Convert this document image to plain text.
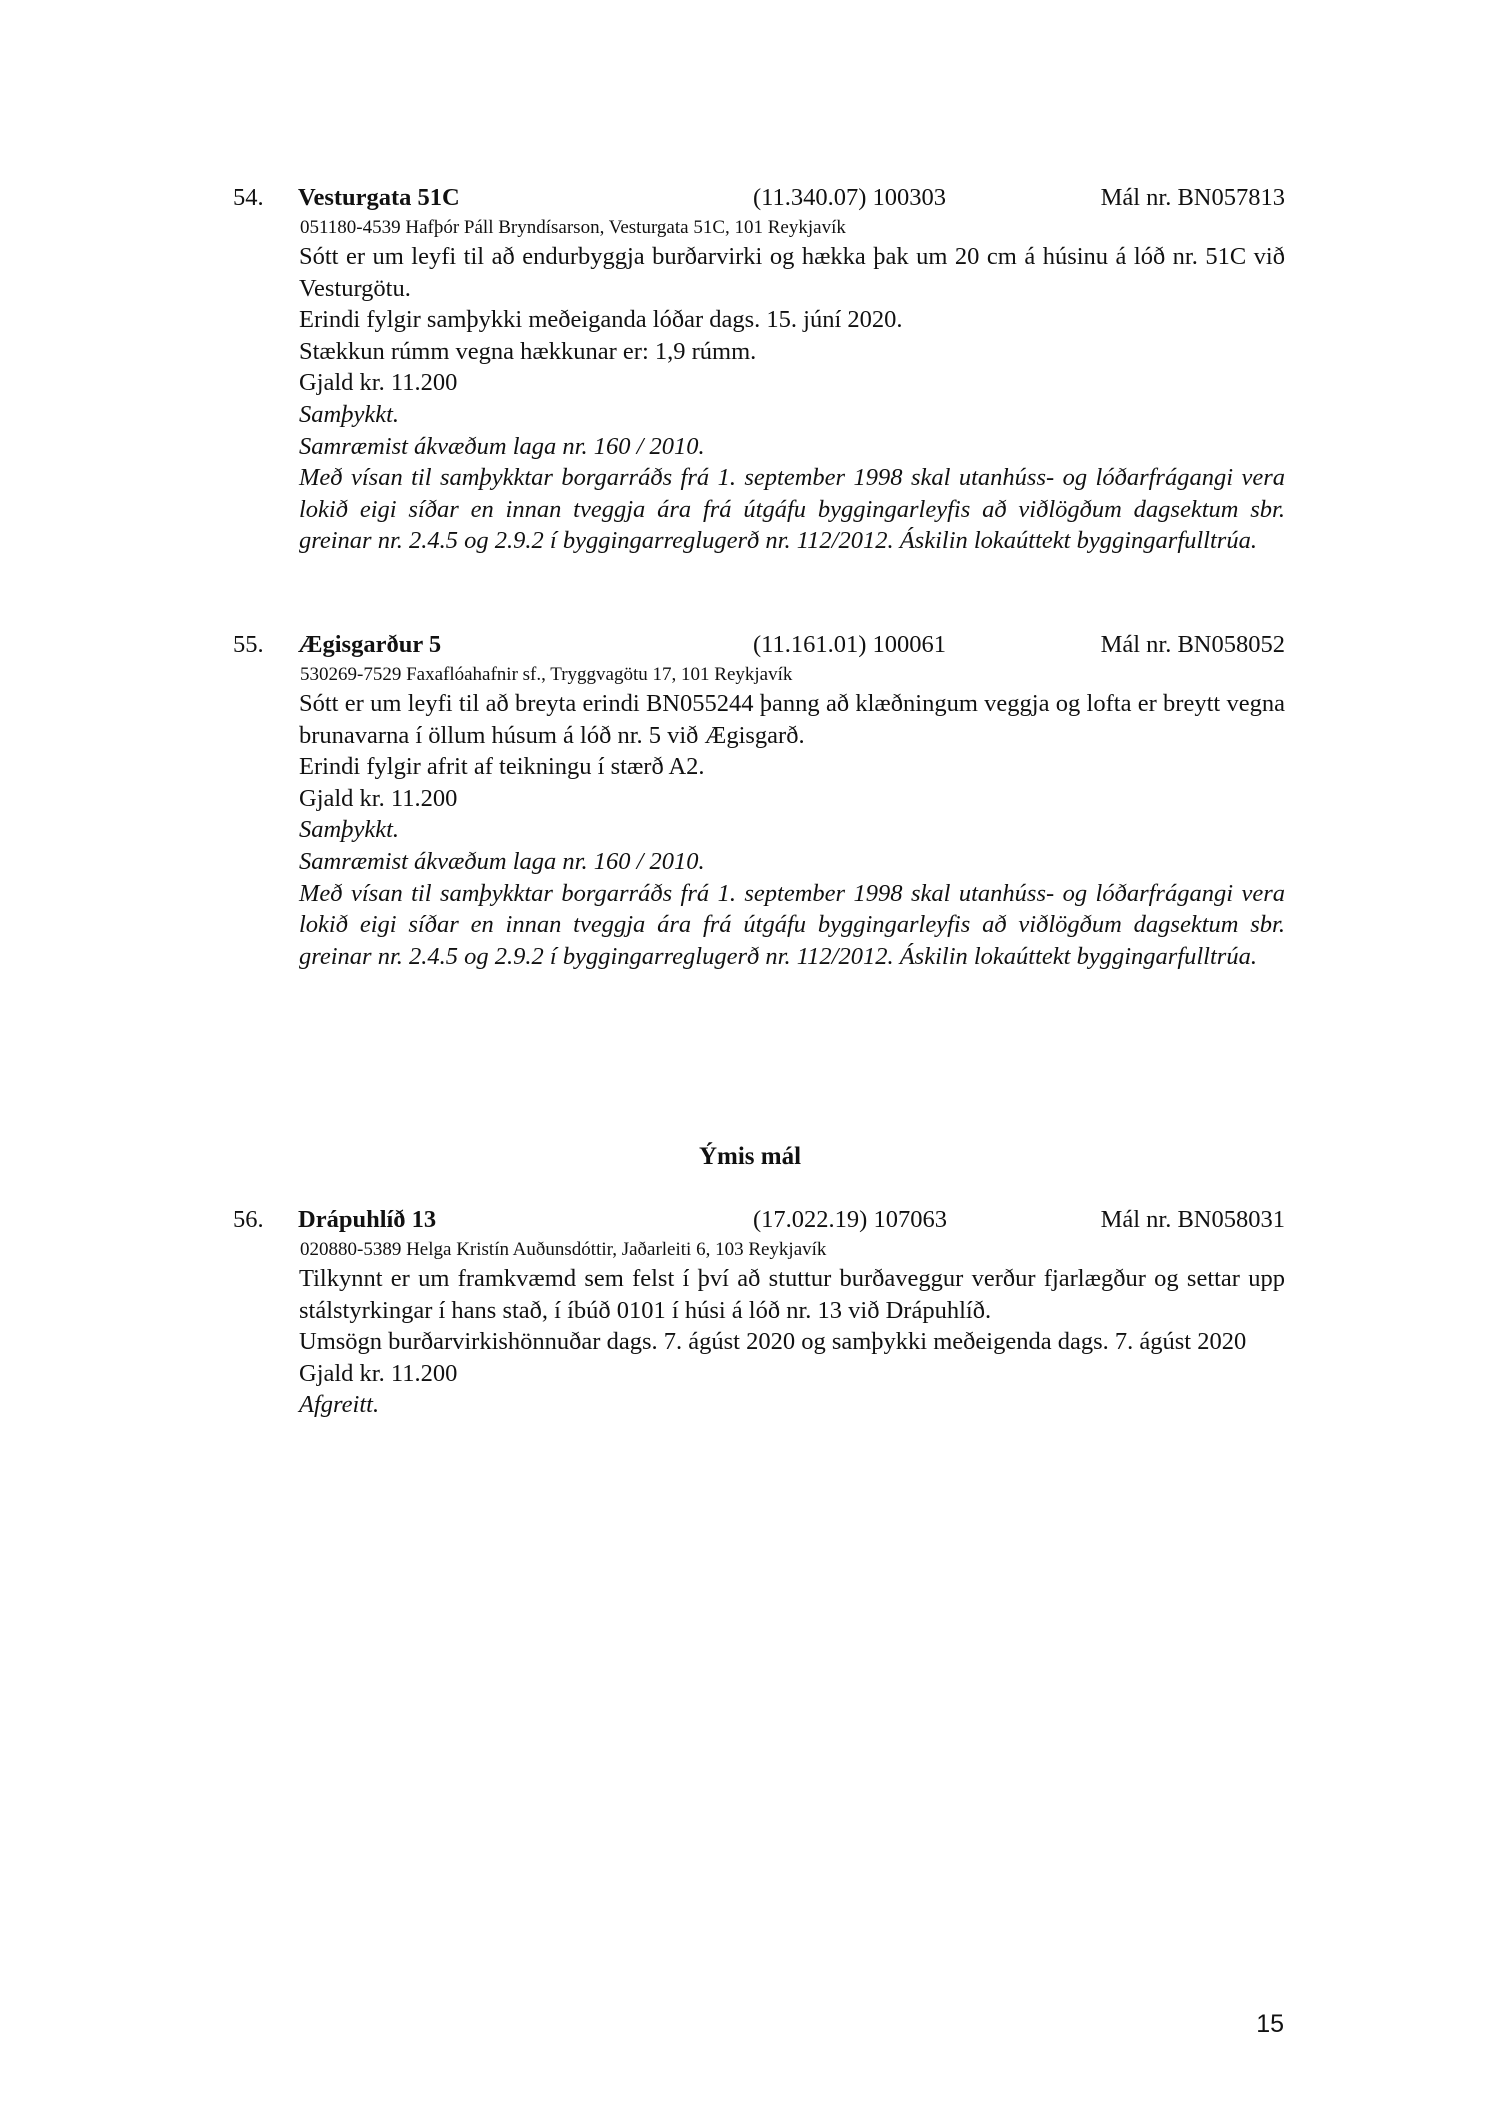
54. Vesturgata 51C	(11.340.07) 100303	Mál nr. BN057813
051180-4539 Hafþór Páll Bryndísarson, Vesturgata 51C, 101 Reykjavík

Sótt er um leyfi til að endurbyggja burðarvirki og hækka þak um 20 cm á húsinu á lóð nr. 51C við Vesturgötu.

Erindi fylgir samþykki meðeiganda lóðar dags. 15. júní 2020.

Stækkun rúmm vegna hækkunar er: 1,9 rúmm.

Gjald kr. 11.200

Samþykkt.

Samræmist ákvæðum laga nr. 160 / 2010.

Með vísan til samþykktar borgarráðs frá 1. september 1998 skal utanhúss- og lóðarfrágangi vera lokið eigi síðar en innan tveggja ára frá útgáfu byggingarleyfis að viðlögðum dagsektum sbr. greinar nr. 2.4.5 og 2.9.2 í byggingarreglugerð nr. 112/2012. Áskilin lokaúttekt byggingarfulltrúa.

55. Ægisgarður 5	(11.161.01) 100061	Mál nr. BN058052
530269-7529 Faxaflóahafnir sf., Tryggvagötu 17, 101 Reykjavík

Sótt er um leyfi til að breyta erindi BN055244 þanng að klæðningum veggja og lofta er breytt vegna brunavarna í öllum húsum á lóð nr. 5 við Ægisgarð.

Erindi fylgir afrit af teikningu í stærð A2.

Gjald kr. 11.200

Samþykkt.

Samræmist ákvæðum laga nr. 160 / 2010.

Með vísan til samþykktar borgarráðs frá 1. september 1998 skal utanhúss- og lóðarfrágangi vera lokið eigi síðar en innan tveggja ára frá útgáfu byggingarleyfis að viðlögðum dagsektum sbr. greinar nr. 2.4.5 og 2.9.2 í byggingarreglugerð nr. 112/2012. Áskilin lokaúttekt byggingarfulltrúa.

Ýmis mál
56. Drápuhlíð 13	(17.022.19) 107063	Mál nr. BN058031
020880-5389 Helga Kristín Auðunsdóttir, Jaðarleiti 6, 103 Reykjavík

Tilkynnt er um framkvæmd sem felst í því að stuttur burðaveggur verður fjarlægður og settar upp stálstyrkingar í hans stað, í íbúð 0101 í húsi á lóð nr. 13 við Drápuhlíð.

Umsögn burðarvirkishönnuðar dags. 7. ágúst 2020 og samþykki meðeigenda dags. 7. ágúst 2020

Gjald kr. 11.200

Afgreitt.

15
